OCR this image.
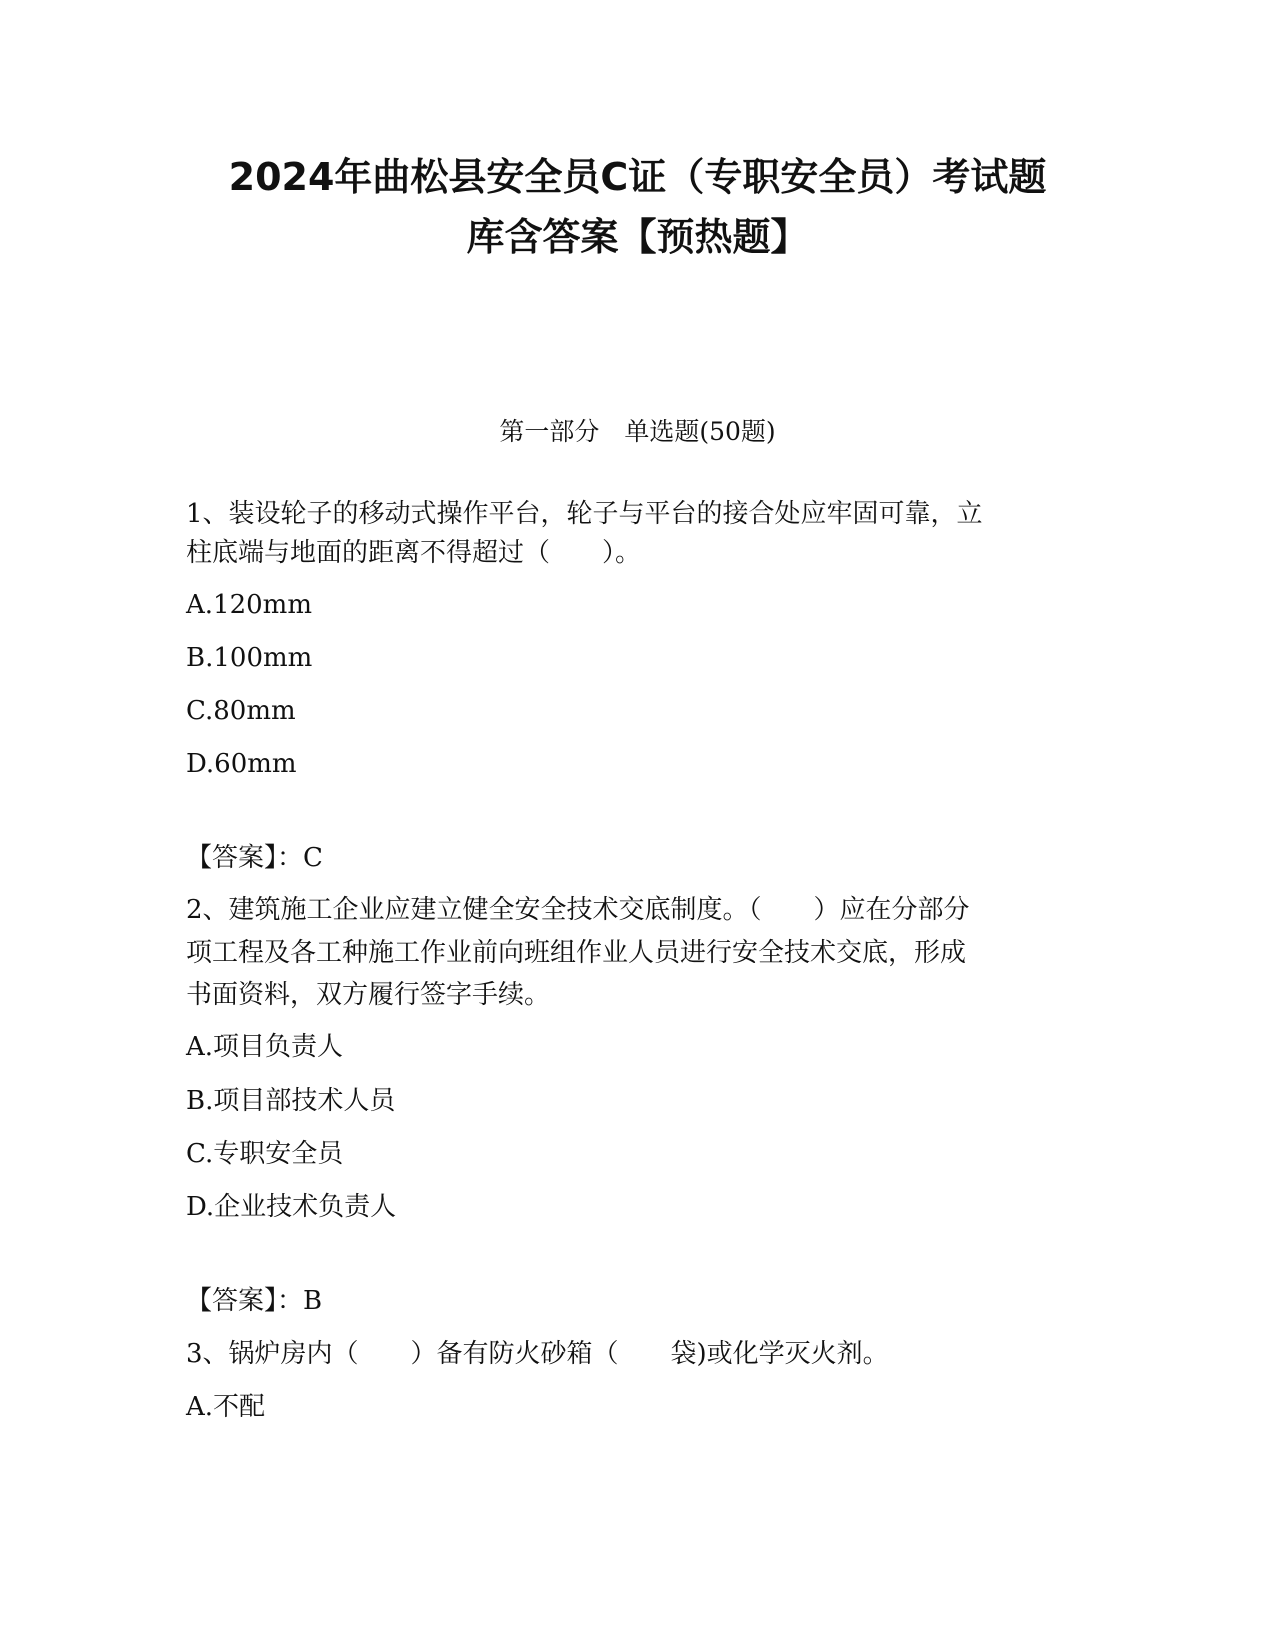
2024年曲松县安全员C证（专职安全员）考试题
库含答案【预热题】
第一部分　单选题(50题)
1、装设轮子的移动式操作平台，轮子与平台的接合处应牢固可靠，立
柱底端与地面的距离不得超过（　　）。
A.120mm
B.100mm
C.80mm
D.60mm
【答案】：C
2、建筑施工企业应建立健全安全技术交底制度。（　　）应在分部分
项工程及各工种施工作业前向班组作业人员进行安全技术交底，形成
书面资料，双方履行签字手续。
A.项目负责人
B.项目部技术人员
C.专职安全员
D.企业技术负责人
【答案】：B
3、锅炉房内（　　）备有防火砂箱（　　袋)或化学灭火剂。
A.不配
